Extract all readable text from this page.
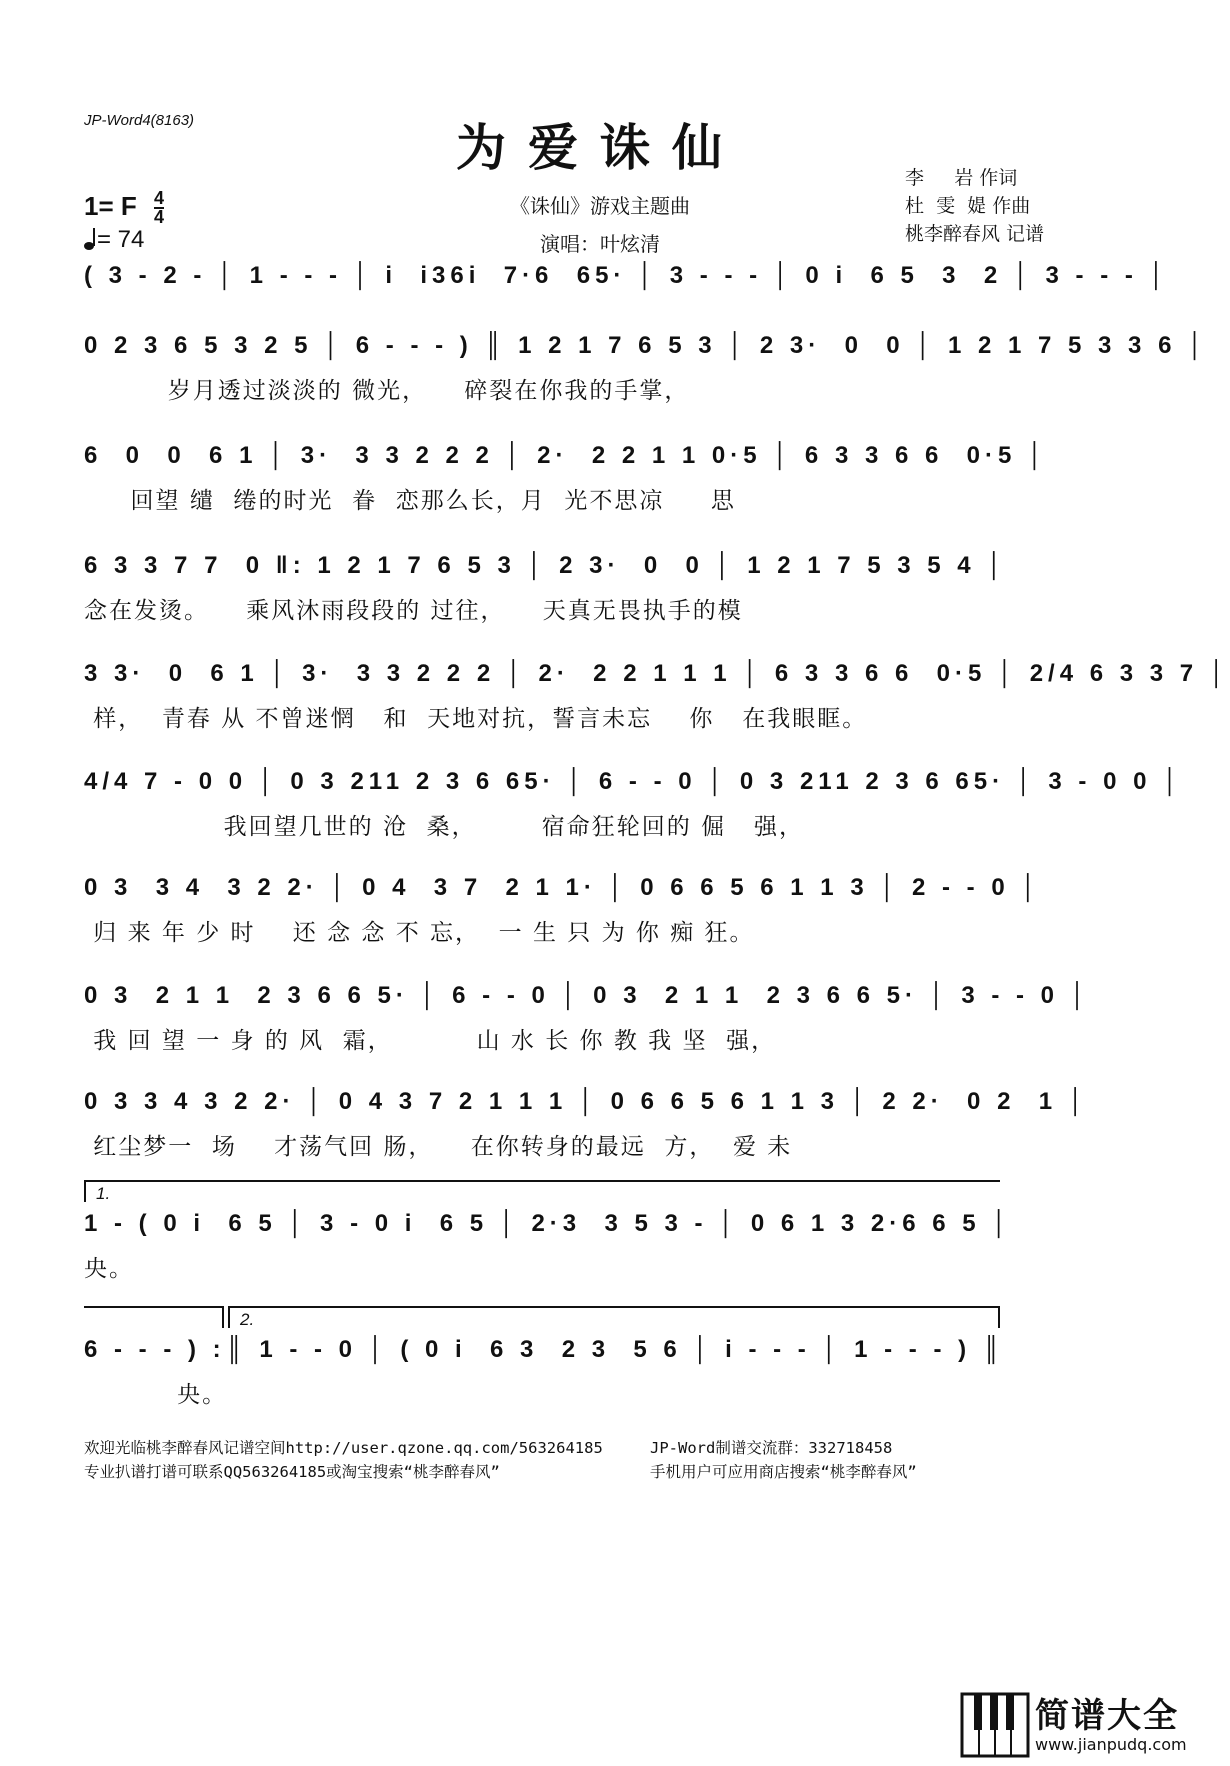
JP-Word4(8163)	为爱诛仙
《诛仙》游戏主题曲
演唱：叶炫清
1= F $\frac{4}{4}$
= 74
李     岩 作词
杜  雯  媞 作曲
桃李醉春风 记谱
( 3 - 2 - │ 1 - - - │ i  i36i  7·6  65· │ 3 - - - │ 0 i  6 5  3  2 │ 3 - - - │
0 2 3 6 5 3 2 5 │ 6 - - - ) ║ 1 2 1 7 6 5 3 │ 2 3·  0  0 │ 1 2 1 7 5 3 3 6 │
岁月透过淡淡的 微光，    碎裂在你我的手掌，
6  0  0  6 1 │ 3·  3 3 2 2 2 │ 2·  2 2 1 1 0·5 │ 6 3 3 6 6  0·5 │
回望 缱  绻的时光  眷  恋那么长，月  光不思凉     思
6 3 3 7 7  0 ‖: 1 2 1 7 6 5 3 │ 2 3·  0  0 │ 1 2 1 7 5 3 5 4 │
念在发烫。    乘风沐雨段段的 过往，    天真无畏执手的模
3 3·  0  6 1 │ 3·  3 3 2 2 2 │ 2·  2 2 1 1 1 │ 6 3 3 6 6  0·5 │ 2/4 6 3 3 7 │
样，  青春 从 不曾迷惘   和  天地对抗，誓言未忘    你   在我眼眶。
4/4 7 - 0 0 │ 0 3 211 2 3 6 65· │ 6 - - 0 │ 0 3 211 2 3 6 65· │ 3 - 0 0 │
我回望几世的 沧  桑，       宿命狂轮回的 倔   强，
0 3  3 4  3 2 2· │ 0 4  3 7  2 1 1· │ 0 6 6 5 6 1 1 3 │ 2 - - 0 │
归 来 年 少 时    还 念 念 不 忘，  一 生 只 为 你 痴 狂。
0 3  2 1 1  2 3 6 6 5· │ 6 - - 0 │ 0 3  2 1 1  2 3 6 6 5· │ 3 - - 0 │
我 回 望 一 身 的 风  霜，         山 水 长 你 教 我 坚  强，
0 3 3 4 3 2 2· │ 0 4 3 7 2 1 1 1 │ 0 6 6 5 6 1 1 3 │ 2 2·  0 2  1 │
红尘梦一  场    才荡气回 肠，    在你转身的最远  方，  爱 未
1.
1 - ( 0 i  6 5 │ 3 - 0 i  6 5 │ 2·3  3 5 3 - │ 0 6 1 3 2·6 6 5 │
央。
2.
6 - - - ) :║ 1 - - 0 │ ( 0 i  6 3  2 3  5 6 │ i - - - │ 1 - - - ) ║
央。
欢迎光临桃李醉春风记谱空间http://user.qzone.qq.com/563264185	JP-Word制谱交流群：332718458
专业扒谱打谱可联系QQ563264185或淘宝搜索“桃李醉春风”	手机用户可应用商店搜索“桃李醉春风”
简谱大全
www.jianpudq.com
